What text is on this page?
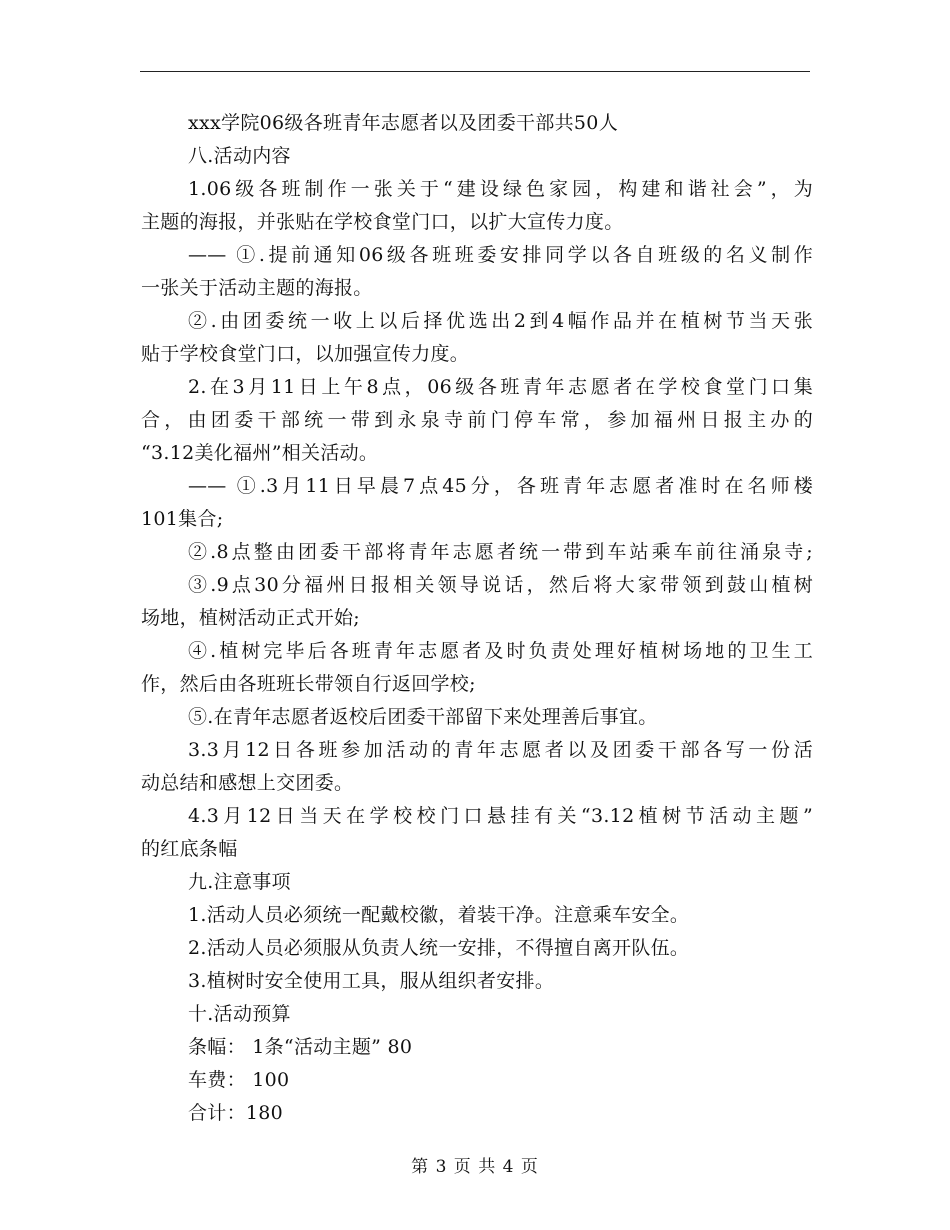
xxx学院06级各班青年志愿者以及团委干部共50人
八.活动内容
1.06级各班制作一张关于“建设绿色家园，构建和谐社会”，为
主题的海报，并张贴在学校食堂门口，以扩大宣传力度。
—— ①.提前通知06级各班班委安排同学以各自班级的名义制作
一张关于活动主题的海报。
②.由团委统一收上以后择优选出2到4幅作品并在植树节当天张
贴于学校食堂门口，以加强宣传力度。
2.在3月11日上午8点，06级各班青年志愿者在学校食堂门口集
合，由团委干部统一带到永泉寺前门停车常，参加福州日报主办的
“3.12美化福州”相关活动。
—— ①.3月11日早晨7点45分，各班青年志愿者准时在名师楼
101集合;
②.8点整由团委干部将青年志愿者统一带到车站乘车前往涌泉寺;
③.9点30分福州日报相关领导说话，然后将大家带领到鼓山植树
场地，植树活动正式开始;
④.植树完毕后各班青年志愿者及时负责处理好植树场地的卫生工
作，然后由各班班长带领自行返回学校;
⑤.在青年志愿者返校后团委干部留下来处理善后事宜。
3.3月12日各班参加活动的青年志愿者以及团委干部各写一份活
动总结和感想上交团委。
4.3月12日当天在学校校门口悬挂有关“3.12植树节活动主题”
的红底条幅
九.注意事项
1.活动人员必须统一配戴校徽，着装干净。注意乘车安全。
2.活动人员必须服从负责人统一安排，不得擅自离开队伍。
3.植树时安全使用工具，服从组织者安排。
十.活动预算
条幅： 1条“活动主题” 80
车费： 100
合计：180
第 3 页 共 4 页
